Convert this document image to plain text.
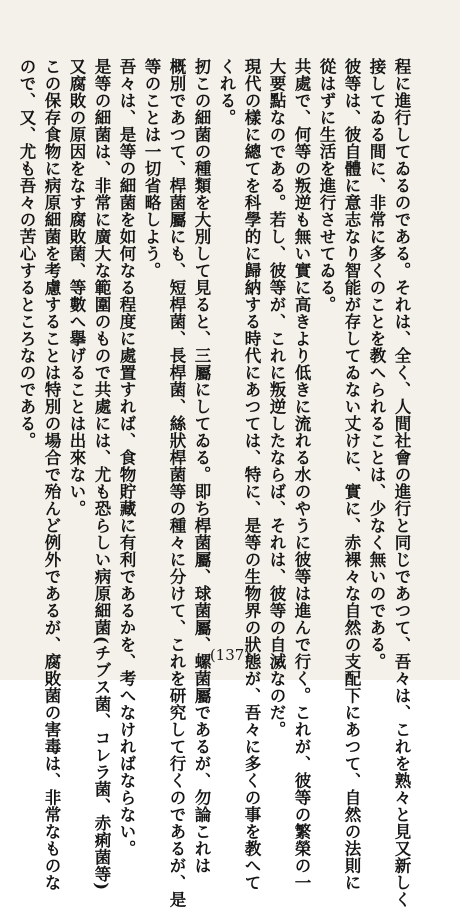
程に進行してゐるのである。それは、全く、人間社會の進行と同じであつて、吾々は、これを熟々と見又新しく
接してゐる間に、非常に多くのことを教へられることは、少なく無いのである。
彼等は、彼自體に意志なり智能が存してゐない丈けに、實に、赤裸々な自然の支配下にあつて、自然の法則に
從はずに生活を進行させてゐる。
共處で、何等の叛逆も無い實に高きより低きに流れる水のやうに彼等は進んで行く。これが、彼等の繁榮の一
大要點なのである。若し、彼等が、これに叛逆したならば、それは、彼等の自滅なのだ。
現代の樣に總てを科學的に歸納する時代にあつては、特に、是等の生物界の狀態が、吾々に多くの事を教へて
くれる。
扨この細菌の種類を大別して見ると、三屬にしてゐる。即ち桿菌屬、球菌屬、螺菌屬であるが、勿論これは
概別であつて、桿菌屬にも、短桿菌、長桿菌、絲狀桿菌等の種々に分けて、これを研究して行くのであるが、是
等のことは一切省略しよう。
吾々は、是等の細菌を如何なる程度に處置すれば、食物貯藏に有利であるかを、考へなければならない。
是等の細菌は、非常に廣大な範圍のもので共處には、尤も恐らしい病原細菌(チブス菌、コレラ菌、赤痢菌等)
又腐敗の原因をなす腐敗菌、等數へ擧げることは出來ない。
この保存食物に病原細菌を考慮することは特別の場合で殆んど例外であるが、腐敗菌の害毒は、非常なものな
ので、又、尤も吾々の苦心するところなのである。
(137)
